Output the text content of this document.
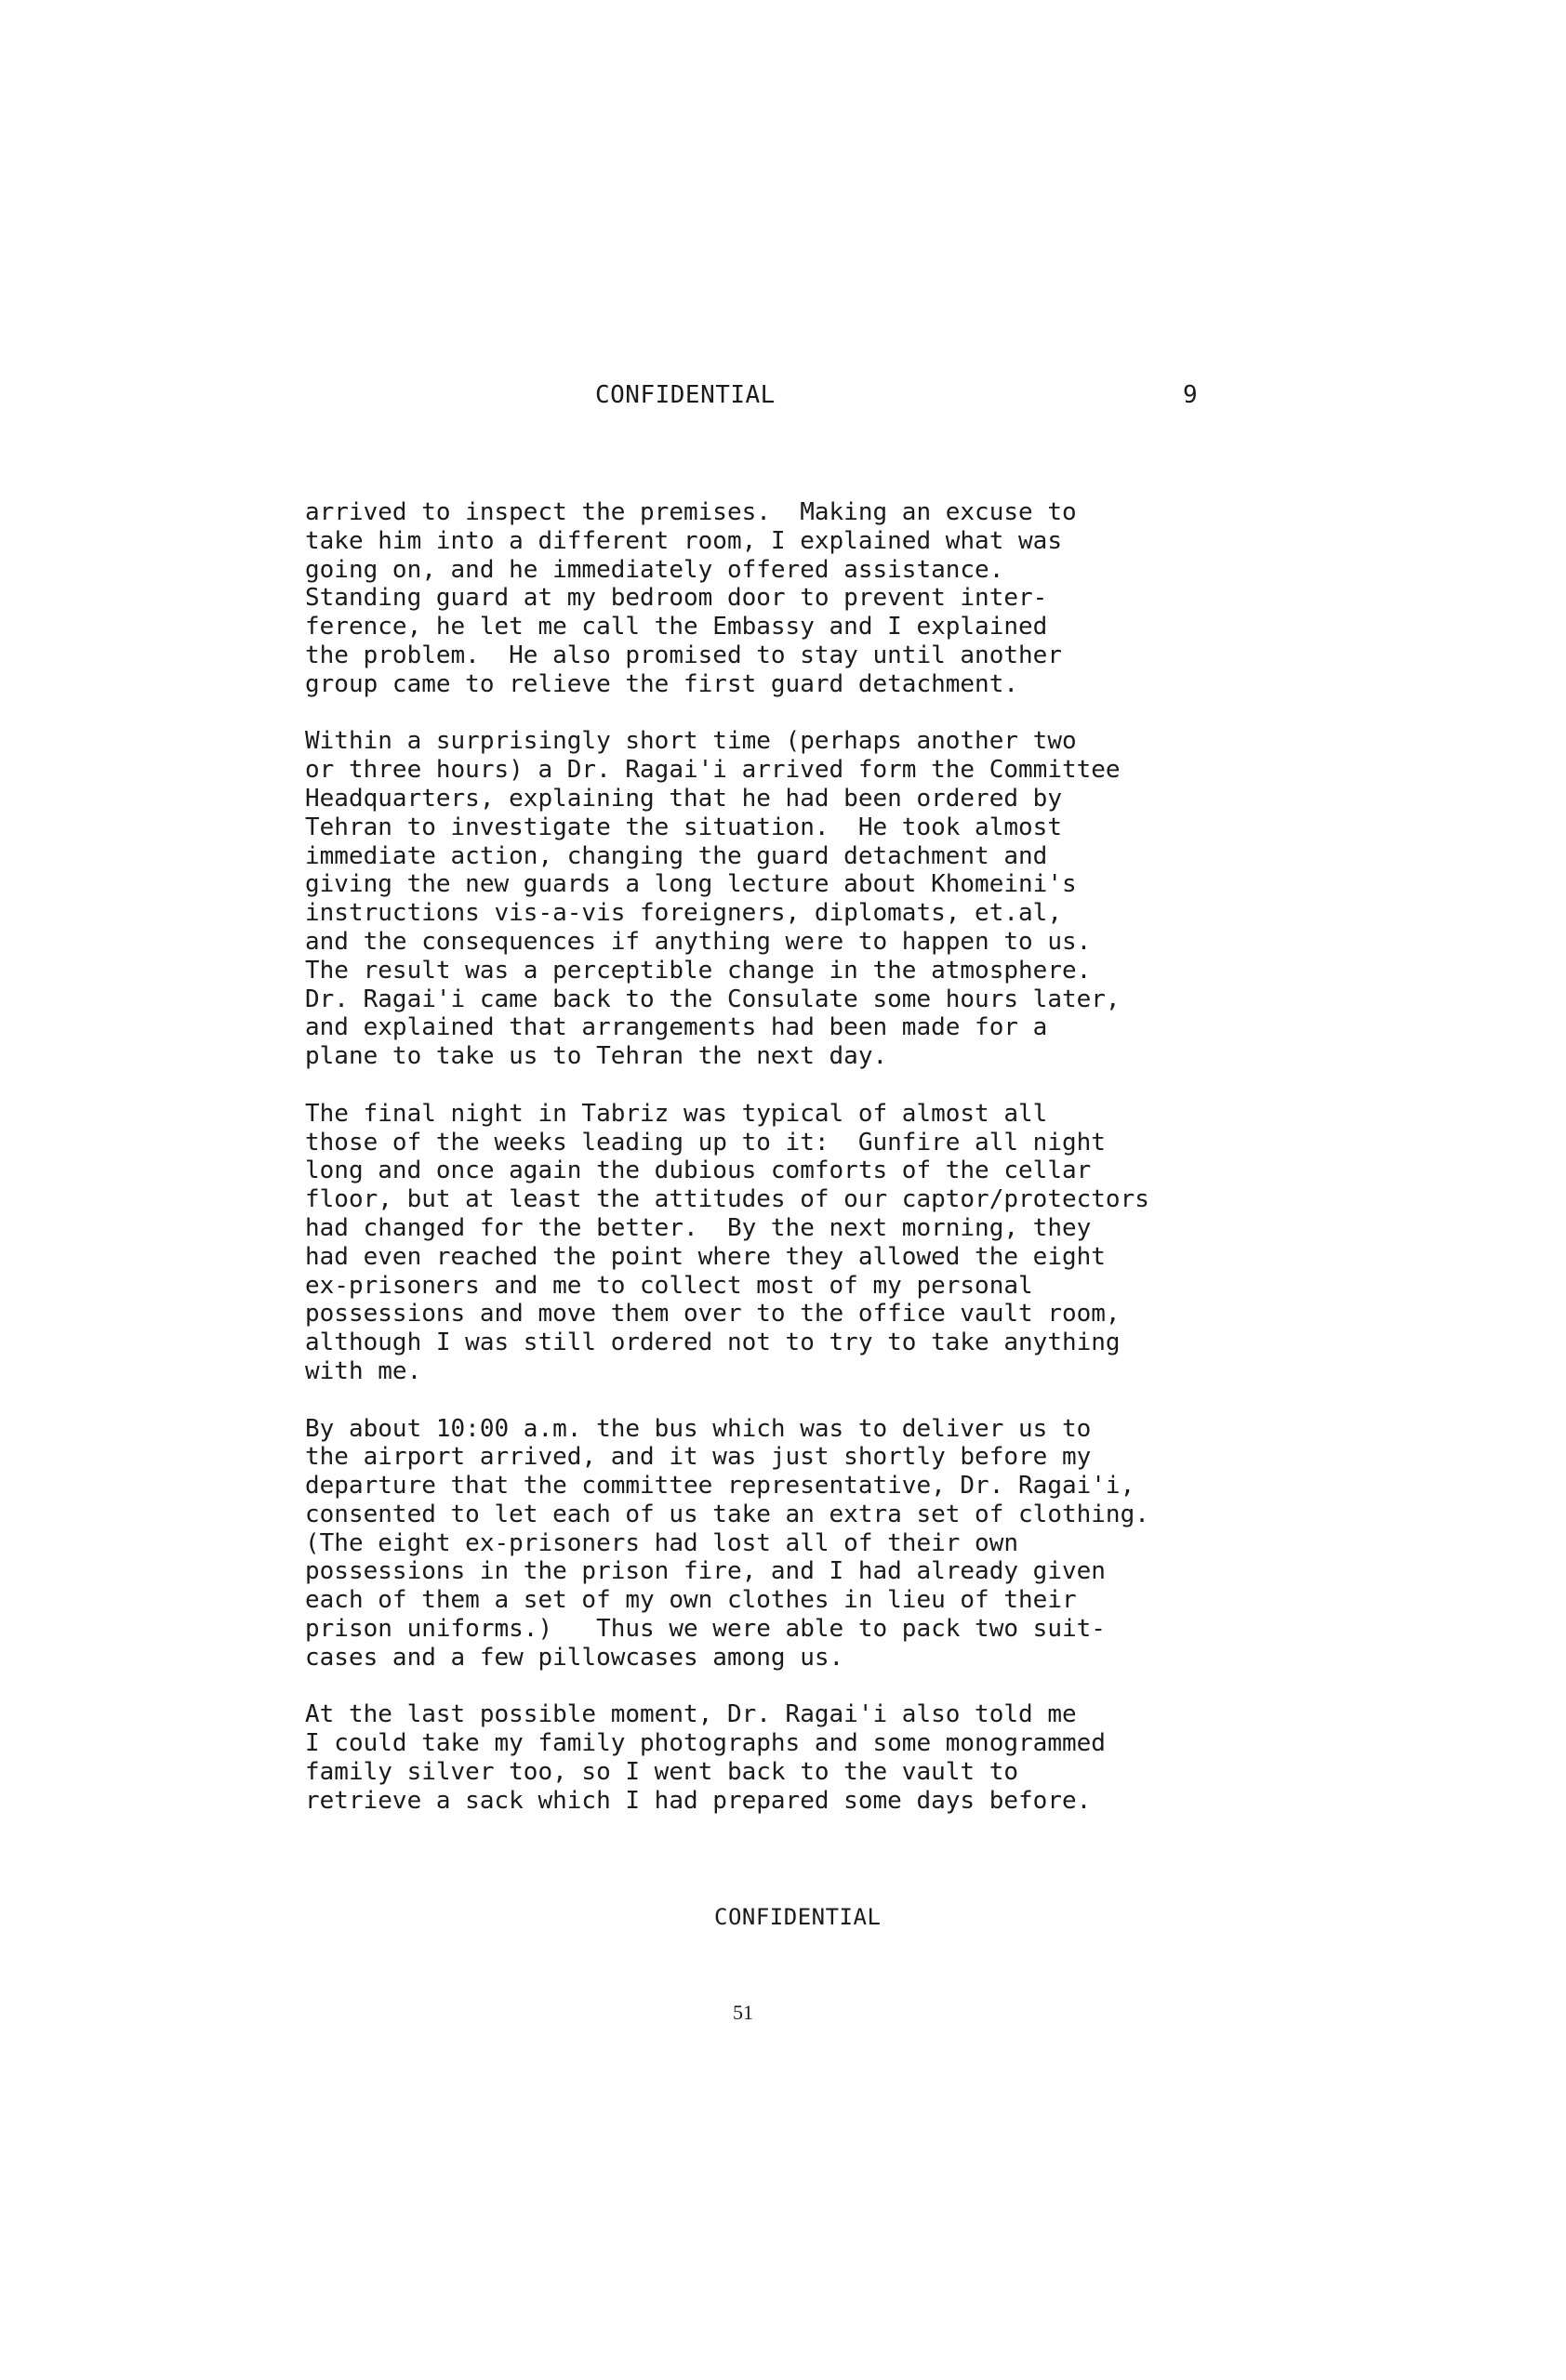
CONFIDENTIAL	9
arrived to inspect the premises.  Making an excuse to
take him into a different room, I explained what was
going on, and he immediately offered assistance.
Standing guard at my bedroom door to prevent inter-
ference, he let me call the Embassy and I explained
the problem.  He also promised to stay until another
group came to relieve the first guard detachment.
Within a surprisingly short time (perhaps another two
or three hours) a Dr. Ragai'i arrived form the Committee
Headquarters, explaining that he had been ordered by
Tehran to investigate the situation.  He took almost
immediate action, changing the guard detachment and
giving the new guards a long lecture about Khomeini's
instructions vis-a-vis foreigners, diplomats, et.al,
and the consequences if anything were to happen to us.
The result was a perceptible change in the atmosphere.
Dr. Ragai'i came back to the Consulate some hours later,
and explained that arrangements had been made for a
plane to take us to Tehran the next day.
The final night in Tabriz was typical of almost all
those of the weeks leading up to it:  Gunfire all night
long and once again the dubious comforts of the cellar
floor, but at least the attitudes of our captor/protectors
had changed for the better.  By the next morning, they
had even reached the point where they allowed the eight
ex-prisoners and me to collect most of my personal
possessions and move them over to the office vault room,
although I was still ordered not to try to take anything
with me.
By about 10:00 a.m. the bus which was to deliver us to
the airport arrived, and it was just shortly before my
departure that the committee representative, Dr. Ragai'i,
consented to let each of us take an extra set of clothing.
(The eight ex-prisoners had lost all of their own
possessions in the prison fire, and I had already given
each of them a set of my own clothes in lieu of their
prison uniforms.)   Thus we were able to pack two suit-
cases and a few pillowcases among us.
At the last possible moment, Dr. Ragai'i also told me
I could take my family photographs and some monogrammed
family silver too, so I went back to the vault to
retrieve a sack which I had prepared some days before.
CONFIDENTIAL
51
